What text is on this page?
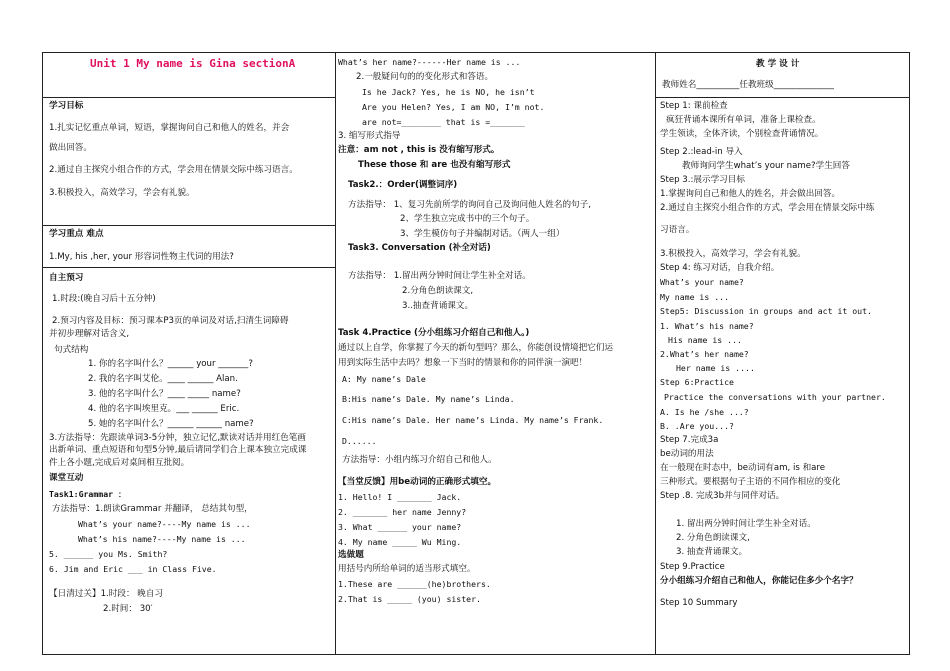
Unit 1 My name is Gina sectionA
学习目标
1.扎实记忆重点单词，短语，掌握询问自己和他人的姓名，并会
做出回答。
2.通过自主探究小组合作的方式，学会用在情景交际中练习语言。
3.积极投入，高效学习，学会有礼貌。
学习重点 难点
1.My, his ,her, your 形容词性物主代词的用法?
自主预习
1.时段:(晚自习后十五分钟)
2.预习内容及目标：预习课本P3页的单词及对话,扫清生词障碍
并初步理解对话含义,
句式结构
1. 你的名字叫什么？______ your _______?
2. 我的名字叫艾伦。____ ______ Alan.
3. 他的名字叫什么？____ _____ name?
4. 他的名字叫埃里克。___ ______ Eric.
5. 她的名字叫什么？______ ______ name?
3.方法指导：先跟读单词3-5分钟，独立记忆,默读对话并用红色笔画
出新单词、重点短语和句型5分钟,最后请同学们合上课本独立完成课
件上各小题,完成后对桌间相互批阅。
课堂互动
Task1:Grammar ：
方法指导：1.朗读Grammar 并翻译， 总结其句型，
What’s your name?----My name is ...
What’s his name?----My name is ...
5. ______ you Ms. Smith?
6. Jim and Eric ___ in Class Five.
【日清过关】1.时段： 晚自习
2.时间： 30′
What’s her name?------Her name is ...
2.一般疑问句的的变化形式和答语。
Is he Jack? Yes, he is NO, he isn’t
Are you Helen? Yes, I am NO, I’m not.
are not=________ that is =_______
3. 缩写形式指导
注意：am not , this is 没有缩写形式。
These those 和 are 也没有缩写形式
Task2.：Order(调整词序)
方法指导： 1、复习先前所学的询问自己及询问他人姓名的句子,
2、学生独立完成书中的三个句子。
3、学生模仿句子并编制对话。（两人一组）
Task3. Conversation (补全对话)
方法指导： 1.留出两分钟时间让学生补全对话。
2.分角色朗读课文,
3..抽查背诵课文。
Task 4.Practice (分小组练习介绍自己和他人。)
通过以上自学，你掌握了今天的新句型吗？那么，你能创设情境把它们运
用到实际生活中去吗？想象一下当时的情景和你的同伴演一演吧！
A: My name’s Dale
B:His name’s Dale. My name’s Linda.
C:His name’s Dale. Her name’s Linda. My name’s Frank.
D......
方法指导：小组内练习介绍自己和他人。
【当堂反馈】用be动词的正确形式填空。
1. Hello! I _______ Jack.
2. _______ her name Jenny?
3. What ______ your name?
4. My name _____ Wu Ming.
选做题
用括号内所给单词的适当形式填空。
1.These are ______(he)brothers.
2.That is _____ (you) sister.
教 学 设 计
教师姓名__________任教班级______________
Step 1: 课前检查
疯狂背诵本课所有单词，准备上课检查。
学生领读，全体齐读，个别检查背诵情况。
Step 2.:lead-in 导入
教师询问学生what’s your name?学生回答
Step 3.:展示学习目标
1.掌握询问自己和他人的姓名，并会做出回答。
2.通过自主探究小组合作的方式，学会用在情景交际中练
习语言。
3.积极投入，高效学习，学会有礼貌。
Step 4: 练习对话，自我介绍。
What’s your name?
My name is ...
Step5: Discussion in groups and act it out.
1. What’s his name?
His name is ...
2.What’s her name?
Her name is ....
Step 6:Practice
Practice the conversations with your partner.
A. Is he /she ...?
B. .Are you...?
Step 7.完成3a
be动词的用法
在一般现在时态中，be动词有am, is 和are
三种形式。要根据句子主语的不同作相应的变化
Step .8. 完成3b并与同伴对话。
1. 留出两分钟时间让学生补全对话。
2. 分角色朗读课文,
3. 抽查背诵课文。
Step 9.Practice
分小组练习介绍自己和他人，你能记住多少个名字？
Step 10 Summary
